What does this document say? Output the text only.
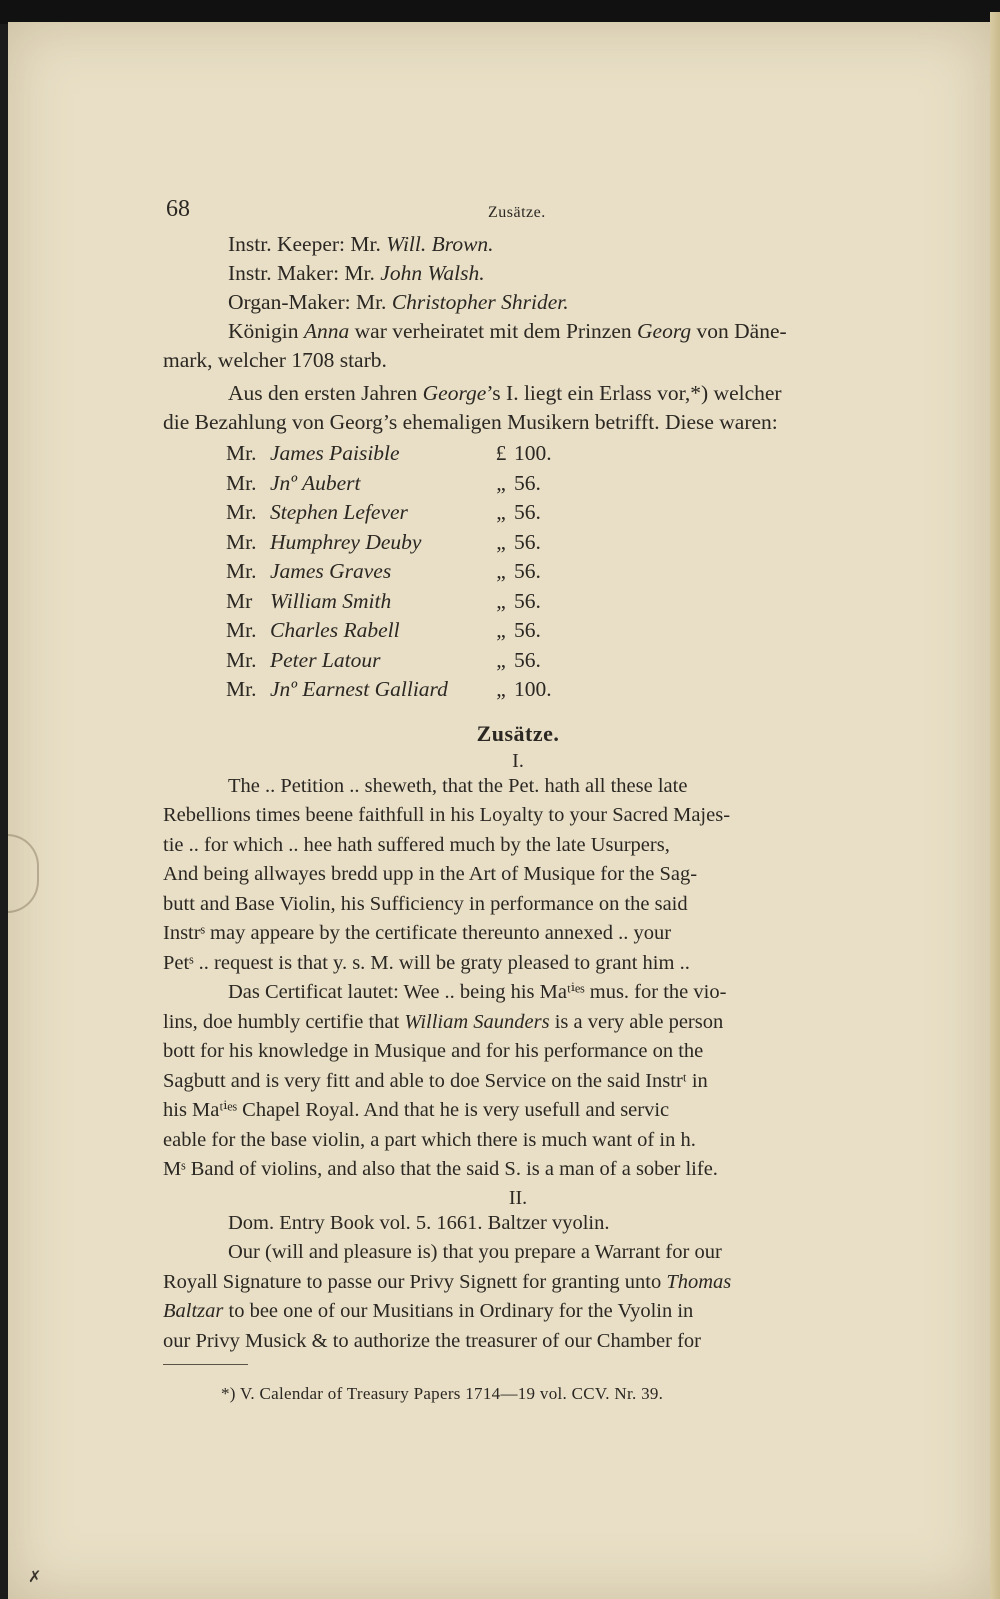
68	Zusätze.
Instr. Keeper: Mr. Will. Brown.
Instr. Maker: Mr. John Walsh.
Organ-Maker: Mr. Christopher Shrider.
Königin Anna war verheiratet mit dem Prinzen Georg von Däne-
mark, welcher 1708 starb.
Aus den ersten Jahren George’s I. liegt ein Erlass vor,*) welcher
die Bezahlung von Georg’s ehemaligen Musikern betrifft. Diese waren:
Mr. James Paisible	£ 100.
Mr. Jnº Aubert	„ 56.
Mr. Stephen Lefever	„ 56.
Mr. Humphrey Deuby	„ 56.
Mr. James Graves	„ 56.
Mr William Smith	„ 56.
Mr. Charles Rabell	„ 56.
Mr. Peter Latour	„ 56.
Mr. Jnº Earnest Galliard	„ 100.
Zusätze.
I.
The .. Petition .. sheweth, that the Pet. hath all these late
Rebellions times beene faithfull in his Loyalty to your Sacred Majes-
tie .. for which .. hee hath suffered much by the late Usurpers,
And being allwayes bredd upp in the Art of Musique for the Sag-
butt and Base Violin, his Sufficiency in performance on the said
Instrˢ may appeare by the certificate thereunto annexed .. your
Petˢ .. request is that y. s. M. will be graty pleased to grant him ..
Das Certificat lautet: Wee .. being his Maᵗⁱᵉˢ mus. for the vio-
lins, doe humbly certifie that William Saunders is a very able person
bott for his knowledge in Musique and for his performance on the
Sagbutt and is very fitt and able to doe Service on the said Instrᵗ in
his Maᵗⁱᵉˢ Chapel Royal. And that he is very usefull and servic
eable for the base violin, a part which there is much want of in h.
Mˢ Band of violins, and also that the said S. is a man of a sober life.
II.
Dom. Entry Book vol. 5. 1661. Baltzer vyolin.
Our (will and pleasure is) that you prepare a Warrant for our
Royall Signature to passe our Privy Signett for granting unto Thomas
Baltzar to bee one of our Musitians in Ordinary for the Vyolin in
our Privy Musick & to authorize the treasurer of our Chamber for
*) V. Calendar of Treasury Papers 1714—19 vol. CCV. Nr. 39.
✗
